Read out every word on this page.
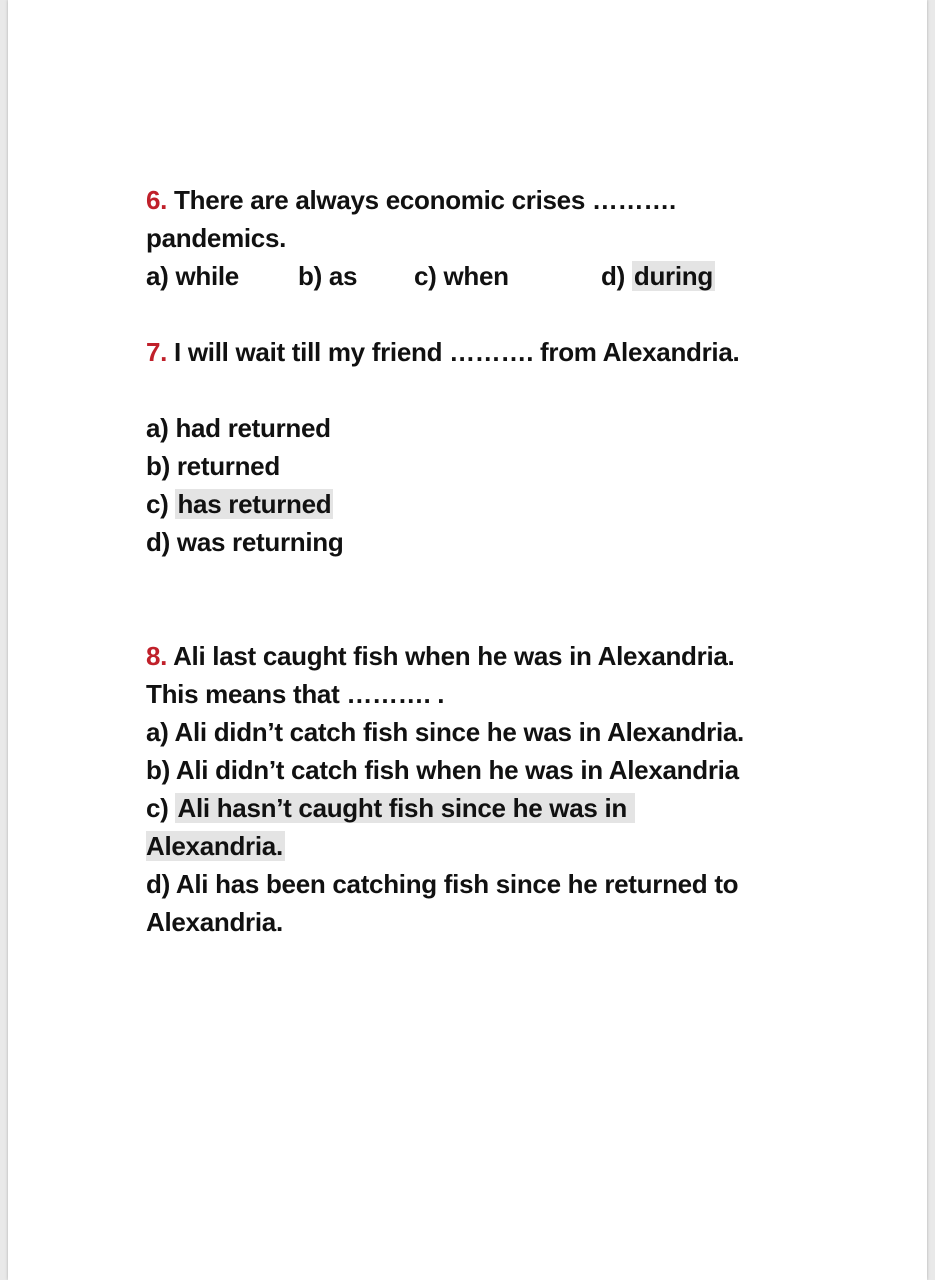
6. There are always economic crises ……….
pandemics.
a) while b) as c) when	d) during
7. I will wait till my friend ………. from Alexandria.
a) had returned
b) returned
c) has returned
d) was returning
8. Ali last caught fish when he was in Alexandria.
This means that ………. .
a) Ali didn’t catch fish since he was in Alexandria.
b) Ali didn’t catch fish when he was in Alexandria
c) Ali hasn’t caught fish since he was in
Alexandria.
d) Ali has been catching fish since he returned to
Alexandria.
